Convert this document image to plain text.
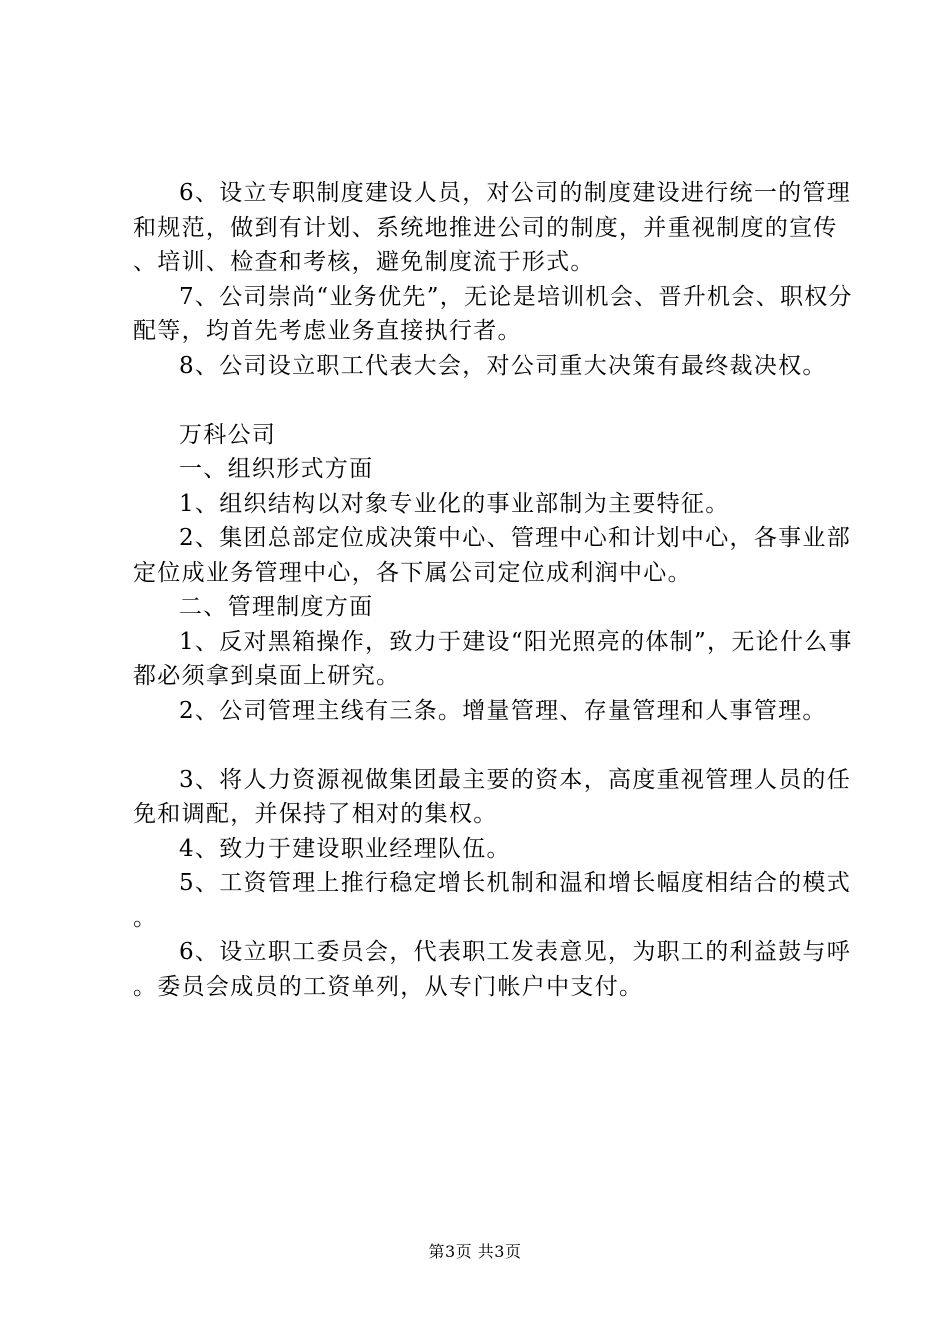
6、设立专职制度建设人员，对公司的制度建设进行统一的管理和规范，做到有计划、系统地推进公司的制度，并重视制度的宣传、培训、检查和考核，避免制度流于形式。

7、公司崇尚“业务优先”，无论是培训机会、晋升机会、职权分配等，均首先考虑业务直接执行者。

8、公司设立职工代表大会，对公司重大决策有最终裁决权。

万科公司

一、组织形式方面

1、组织结构以对象专业化的事业部制为主要特征。

2、集团总部定位成决策中心、管理中心和计划中心，各事业部定位成业务管理中心，各下属公司定位成利润中心。

二、管理制度方面

1、反对黑箱操作，致力于建设“阳光照亮的体制”，无论什么事都必须拿到桌面上研究。

2、公司管理主线有三条。增量管理、存量管理和人事管理。

3、将人力资源视做集团最主要的资本，高度重视管理人员的任免和调配，并保持了相对的集权。

4、致力于建设职业经理队伍。

5、工资管理上推行稳定增长机制和温和增长幅度相结合的模式。

6、设立职工委员会，代表职工发表意见，为职工的利益鼓与呼。委员会成员的工资单列，从专门帐户中支付。

第3页 共3页
